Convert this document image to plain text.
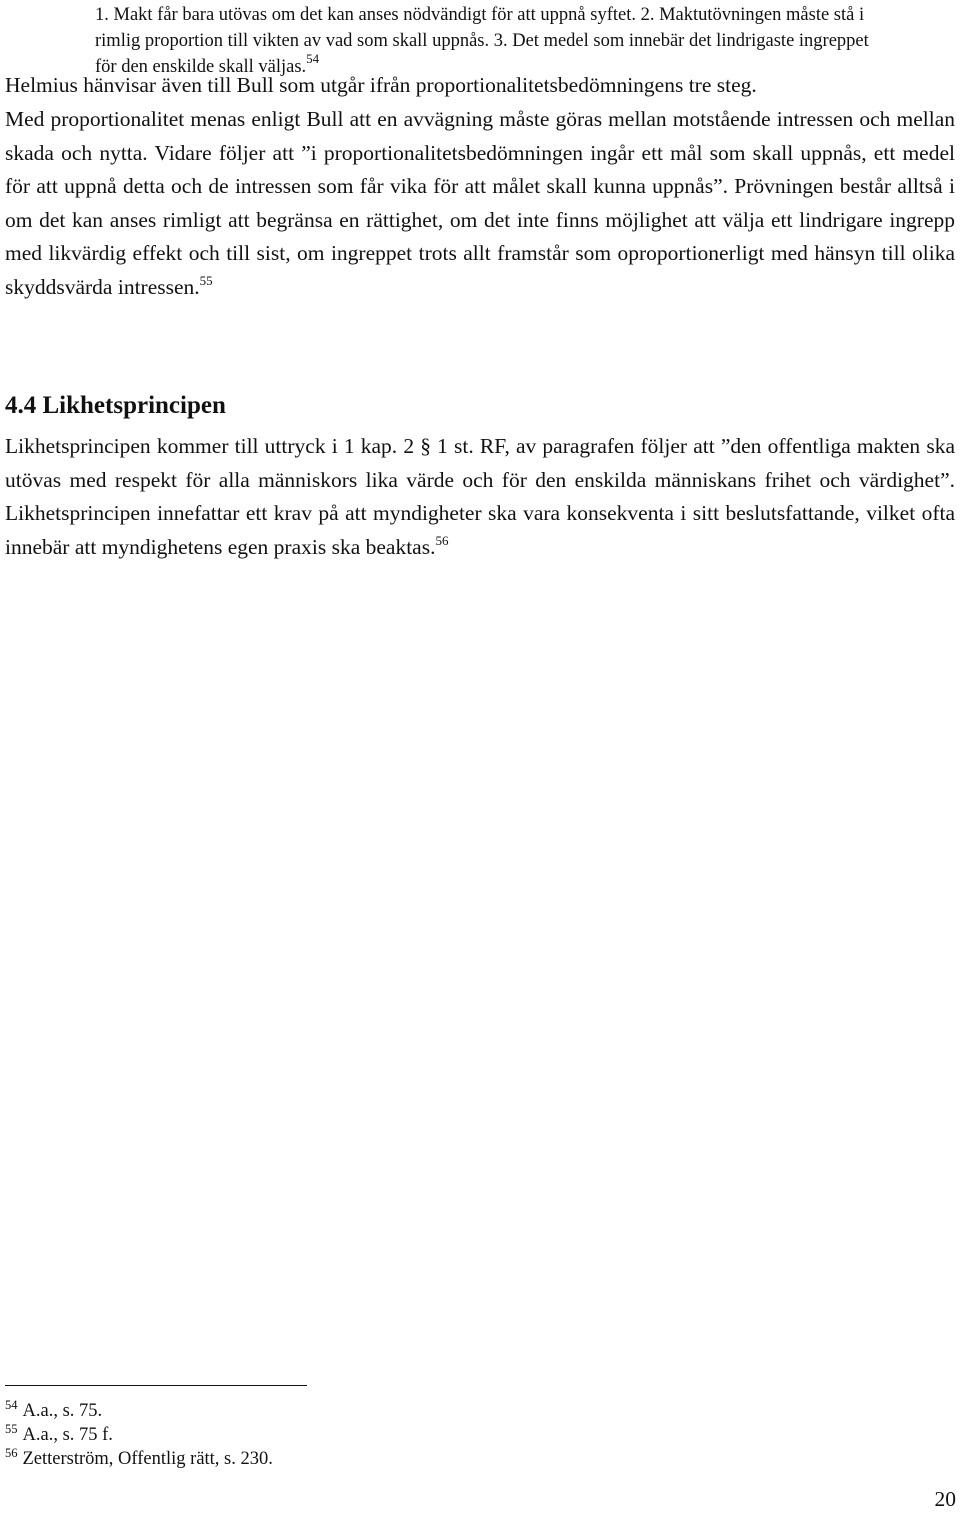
1. Makt får bara utövas om det kan anses nödvändigt för att uppnå syftet. 2. Maktutövningen måste stå i rimlig proportion till vikten av vad som skall uppnås. 3. Det medel som innebär det lindrigaste ingreppet för den enskilde skall väljas.$^{54}$

Helmius hänvisar även till Bull som utgår ifrån proportionalitetsbedömningens tre steg.

Med proportionalitet menas enligt Bull att en avvägning måste göras mellan motstående intressen och mellan skada och nytta. Vidare följer att ”i proportionalitetsbedömningen ingår ett mål som skall uppnås, ett medel för att uppnå detta och de intressen som får vika för att målet skall kunna uppnås”. Prövningen består alltså i om det kan anses rimligt att begränsa en rättighet, om det inte finns möjlighet att välja ett lindrigare ingrepp med likvärdig effekt och till sist, om ingreppet trots allt framstår som oproportionerligt med hänsyn till olika skyddsvärda intressen.$^{55}$

4.4 Likhetsprincipen

Likhetsprincipen kommer till uttryck i 1 kap. 2 § 1 st. RF, av paragrafen följer att ”den offentliga makten ska utövas med respekt för alla människors lika värde och för den enskilda människans frihet och värdighet”. Likhetsprincipen innefattar ett krav på att myndigheter ska vara konsekventa i sitt beslutsfattande, vilket ofta innebär att myndighetens egen praxis ska beaktas.$^{56}$

$^{54}$ A.a., s. 75.
$^{55}$ A.a., s. 75 f.
$^{56}$ Zetterström, Offentlig rätt, s. 230.
20
